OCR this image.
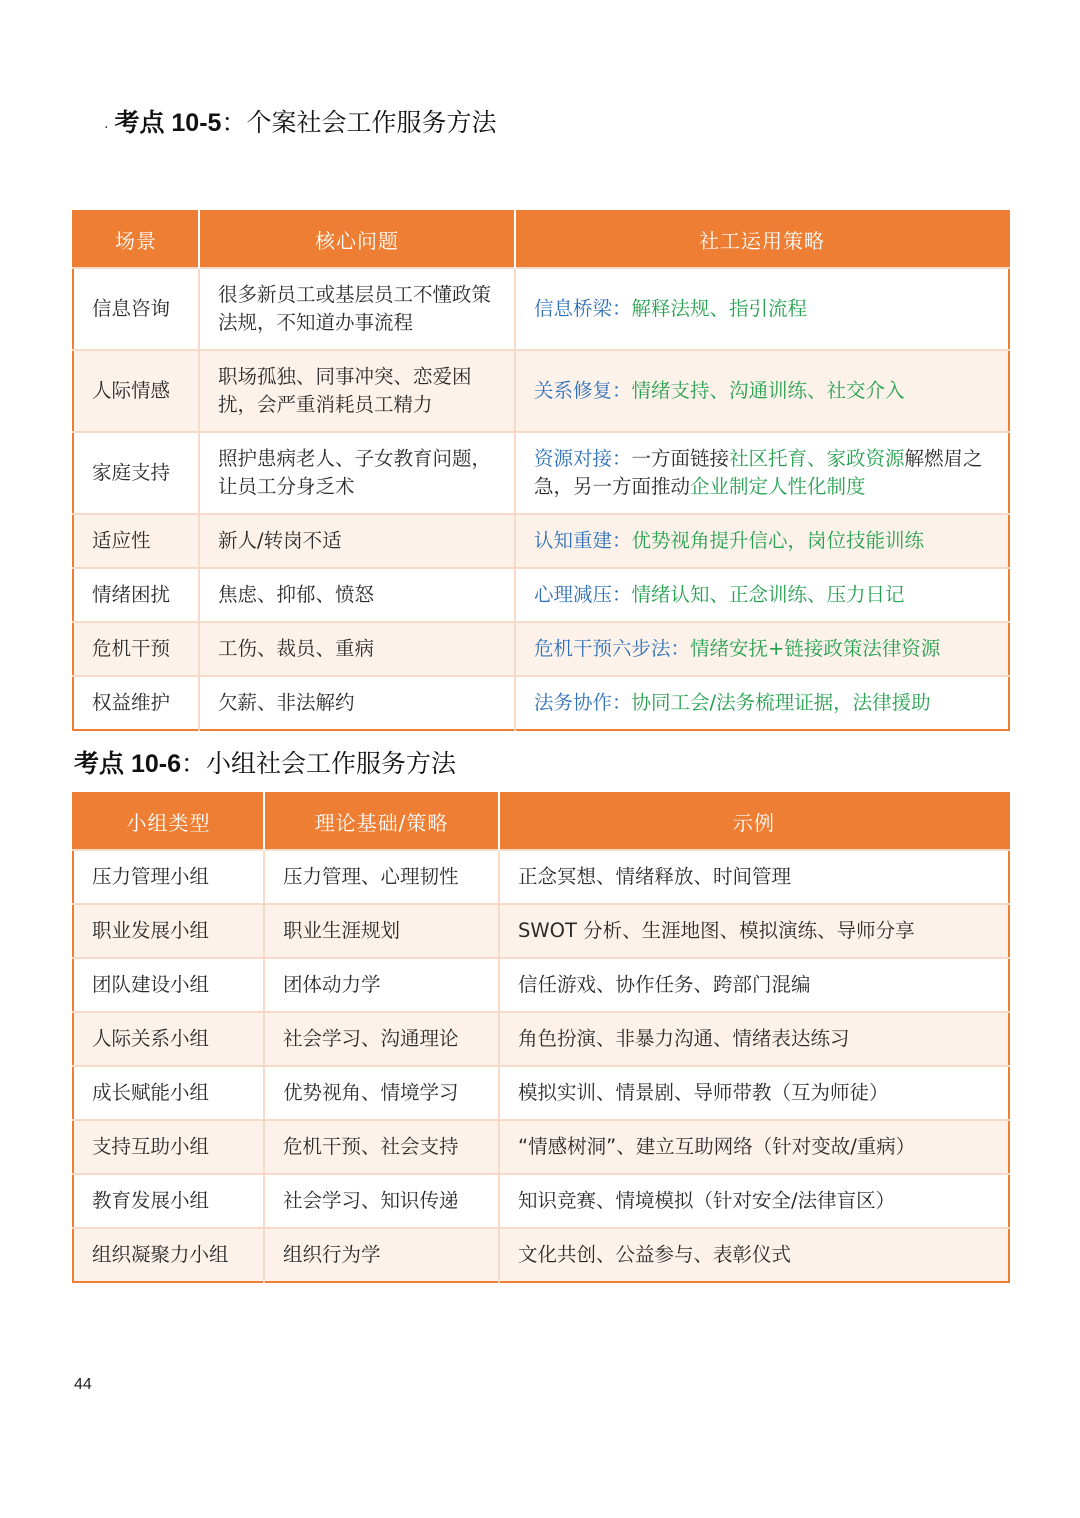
. 考点 10-5：个案社会工作服务方法
场景	核心问题	社工运用策略
信息咨询	很多新员工或基层员工不懂政策法规，不知道办事流程	信息桥梁：解释法规、指引流程
人际情感	职场孤独、同事冲突、恋爱困扰，会严重消耗员工精力	关系修复：情绪支持、沟通训练、社交介入
家庭支持	照护患病老人、子女教育问题，让员工分身乏术	资源对接：一方面链接社区托育、家政资源解燃眉之急，另一方面推动企业制定人性化制度
适应性	新人/转岗不适	认知重建：优势视角提升信心，岗位技能训练
情绪困扰	焦虑、抑郁、愤怒	心理减压：情绪认知、正念训练、压力日记
危机干预	工伤、裁员、重病	危机干预六步法：情绪安抚+链接政策法律资源
权益维护	欠薪、非法解约	法务协作：协同工会/法务梳理证据，法律援助
考点 10-6：小组社会工作服务方法
小组类型	理论基础/策略	示例
压力管理小组	压力管理、心理韧性	正念冥想、情绪释放、时间管理
职业发展小组	职业生涯规划	SWOT 分析、生涯地图、模拟演练、导师分享
团队建设小组	团体动力学	信任游戏、协作任务、跨部门混编
人际关系小组	社会学习、沟通理论	角色扮演、非暴力沟通、情绪表达练习
成长赋能小组	优势视角、情境学习	模拟实训、情景剧、导师带教（互为师徒）
支持互助小组	危机干预、社会支持	“情感树洞”、建立互助网络（针对变故/重病）
教育发展小组	社会学习、知识传递	知识竞赛、情境模拟（针对安全/法律盲区）
组织凝聚力小组	组织行为学	文化共创、公益参与、表彰仪式
44
